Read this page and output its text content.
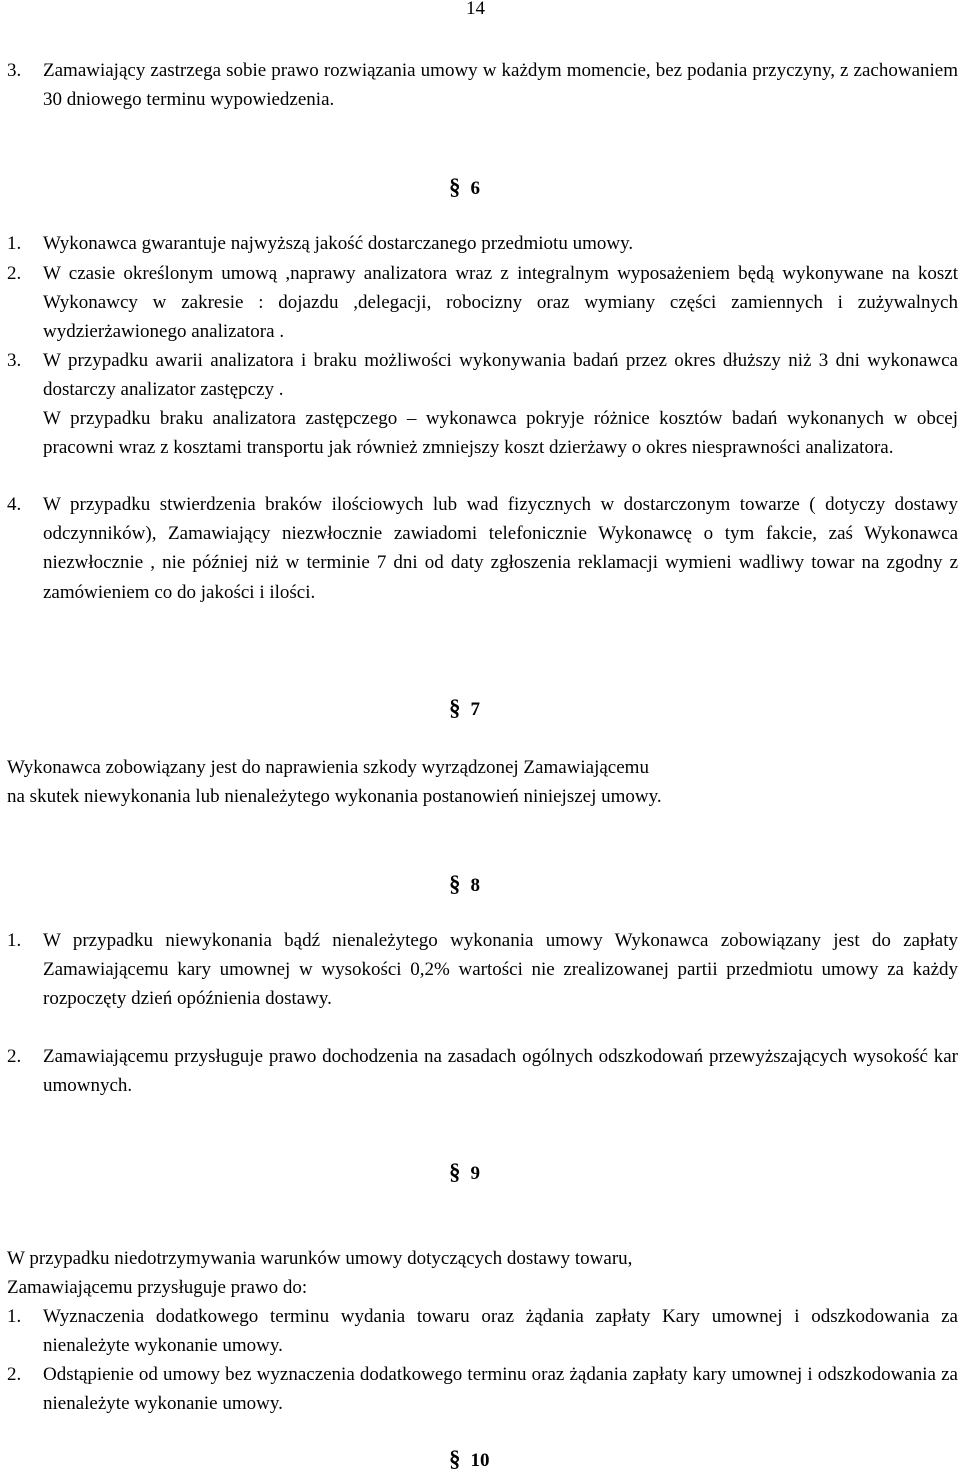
14
3. Zamawiający zastrzega sobie prawo rozwiązania umowy w każdym momencie, bez podania przyczyny, z zachowaniem 30 dniowego terminu wypowiedzenia.
§ 6
1. Wykonawca gwarantuje najwyższą jakość dostarczanego przedmiotu umowy.
2. W czasie określonym umową ,naprawy analizatora wraz z integralnym wyposażeniem będą wykonywane na koszt Wykonawcy w zakresie : dojazdu ,delegacji, robocizny oraz wymiany części zamiennych i zużywalnych wydzierżawionego analizatora .
3. W przypadku awarii analizatora i braku możliwości wykonywania badań przez okres dłuższy niż 3 dni wykonawca dostarczy analizator zastępczy .
W przypadku braku analizatora zastępczego – wykonawca pokryje różnice kosztów badań wykonanych w obcej pracowni wraz z kosztami transportu jak również zmniejszy koszt dzierżawy o okres niesprawności analizatora.
4. W przypadku stwierdzenia braków ilościowych lub wad fizycznych w dostarczonym towarze ( dotyczy dostawy odczynników), Zamawiający niezwłocznie zawiadomi telefonicznie Wykonawcę o tym fakcie, zaś Wykonawca niezwłocznie , nie później niż w terminie 7 dni od daty zgłoszenia reklamacji wymieni wadliwy towar na zgodny z zamówieniem co do jakości i ilości.
§ 7
Wykonawca zobowiązany jest do naprawienia szkody wyrządzonej Zamawiającemu
na skutek niewykonania lub nienależytego wykonania postanowień niniejszej umowy.
§ 8
1. W przypadku niewykonania bądź nienależytego wykonania umowy Wykonawca zobowiązany jest do zapłaty Zamawiającemu kary umownej w wysokości 0,2% wartości nie zrealizowanej partii przedmiotu umowy za każdy rozpoczęty dzień opóźnienia dostawy.
2. Zamawiającemu przysługuje prawo dochodzenia na zasadach ogólnych odszkodowań przewyższających wysokość kar umownych.
§ 9
W przypadku niedotrzymywania warunków umowy dotyczących dostawy towaru,
Zamawiającemu przysługuje prawo do:
1. Wyznaczenia dodatkowego terminu wydania towaru oraz żądania zapłaty Kary umownej i odszkodowania za nienależyte wykonanie umowy.
2. Odstąpienie od umowy bez wyznaczenia dodatkowego terminu oraz żądania zapłaty kary umownej i odszkodowania za nienależyte wykonanie umowy.
§ 10
